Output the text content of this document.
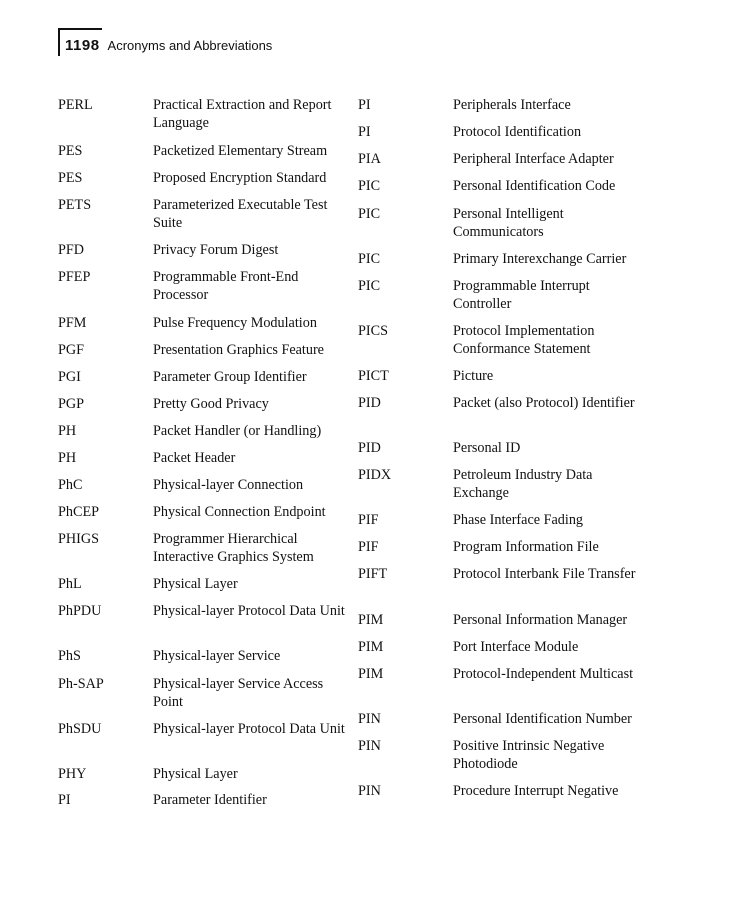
1198 Acronyms and Abbreviations
PERL	Practical Extraction and Report Language
PES	Packetized Elementary Stream
PES	Proposed Encryption Standard
PETS	Parameterized Executable Test Suite
PFD	Privacy Forum Digest
PFEP	Programmable Front-End Processor
PFM	Pulse Frequency Modulation
PGF	Presentation Graphics Feature
PGI	Parameter Group Identifier
PGP	Pretty Good Privacy
PH	Packet Handler (or Handling)
PH	Packet Header
PhC	Physical-layer Connection
PhCEP	Physical Connection Endpoint
PHIGS	Programmer Hierarchical Interactive Graphics System
PhL	Physical Layer
PhPDU	Physical-layer Protocol Data Unit
PhS	Physical-layer Service
Ph-SAP	Physical-layer Service Access Point
PhSDU	Physical-layer Protocol Data Unit
PHY	Physical Layer
PI	Parameter Identifier
PI	Peripherals Interface
PI	Protocol Identification
PIA	Peripheral Interface Adapter
PIC	Personal Identification Code
PIC	Personal Intelligent Communicators
PIC	Primary Interexchange Carrier
PIC	Programmable Interrupt Controller
PICS	Protocol Implementation Conformance Statement
PICT	Picture
PID	Packet (also Protocol) Identifier
PID	Personal ID
PIDX	Petroleum Industry Data Exchange
PIF	Phase Interface Fading
PIF	Program Information File
PIFT	Protocol Interbank File Transfer
PIM	Personal Information Manager
PIM	Port Interface Module
PIM	Protocol-Independent Multicast
PIN	Personal Identification Number
PIN	Positive Intrinsic Negative Photodiode
PIN	Procedure Interrupt Negative
